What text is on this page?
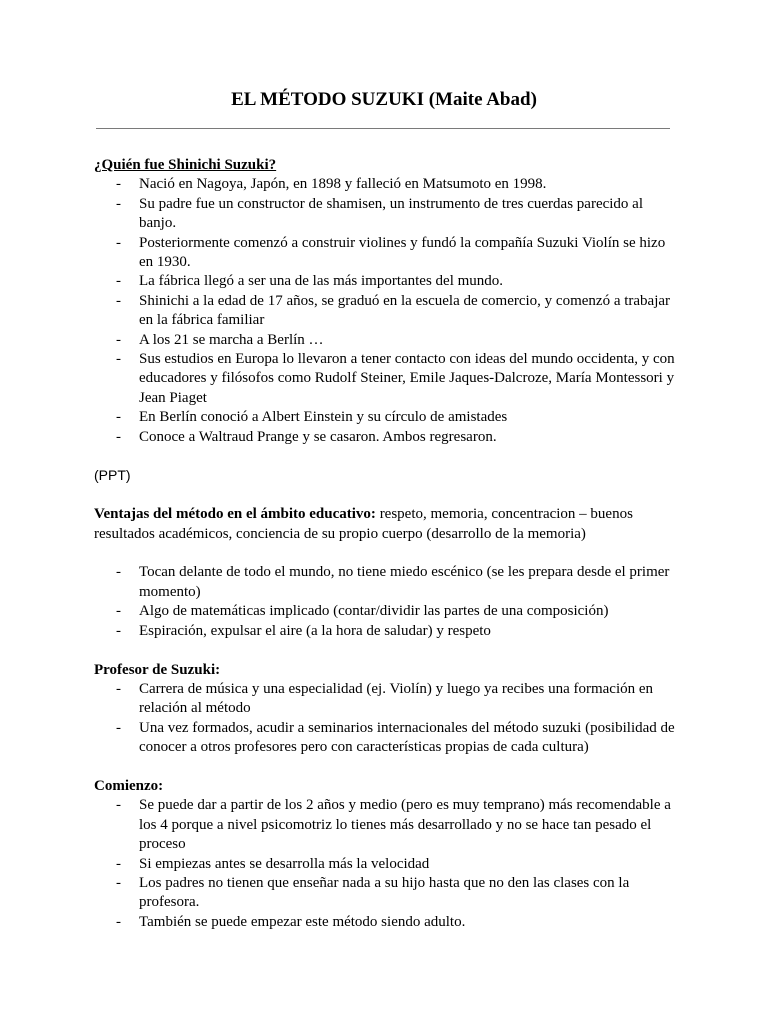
EL MÉTODO SUZUKI (Maite Abad)
¿Quién fue Shinichi Suzuki?
- Nació en Nagoya, Japón, en 1898 y falleció en Matsumoto en 1998.
- Su padre fue un constructor de shamisen, un instrumento de tres cuerdas parecido al banjo.
- Posteriormente comenzó a construir violines y fundó la compañía Suzuki Violín se hizo en 1930.
- La fábrica llegó a ser una de las más importantes del mundo.
- Shinichi a la edad de 17 años, se graduó en la escuela de comercio, y comenzó a trabajar en la fábrica familiar
- A los 21 se marcha a Berlín …
- Sus estudios en Europa lo llevaron a tener contacto con ideas del mundo occidenta, y con educadores y filósofos como Rudolf Steiner, Emile Jaques-Dalcroze, María Montessori y Jean Piaget
- En Berlín conoció a Albert Einstein y su círculo de amistades
- Conoce a Waltraud Prange y se casaron. Ambos regresaron.
(PPT)
Ventajas del método en el ámbito educativo: respeto, memoria, concentracion – buenos resultados académicos, conciencia de su propio cuerpo (desarrollo de la memoria)
- Tocan delante de todo el mundo, no tiene miedo escénico (se les prepara desde el primer momento)
- Algo de matemáticas implicado (contar/dividir las partes de una composición)
- Espiración, expulsar el aire (a la hora de saludar) y respeto
Profesor de Suzuki:
- Carrera de música y una especialidad (ej. Violín) y luego ya recibes una formación en relación al método
- Una vez formados, acudir a seminarios internacionales del método suzuki (posibilidad de conocer a otros profesores pero con características propias de cada cultura)
Comienzo:
- Se puede dar a partir de los 2 años y medio (pero es muy temprano) más recomendable a los 4 porque a nivel psicomotriz lo tienes más desarrollado y no se hace tan pesado el proceso
- Si empiezas antes se desarrolla más la velocidad
- Los padres no tienen que enseñar nada a su hijo hasta que no den las clases con la profesora.
- También se puede empezar este método siendo adulto.
